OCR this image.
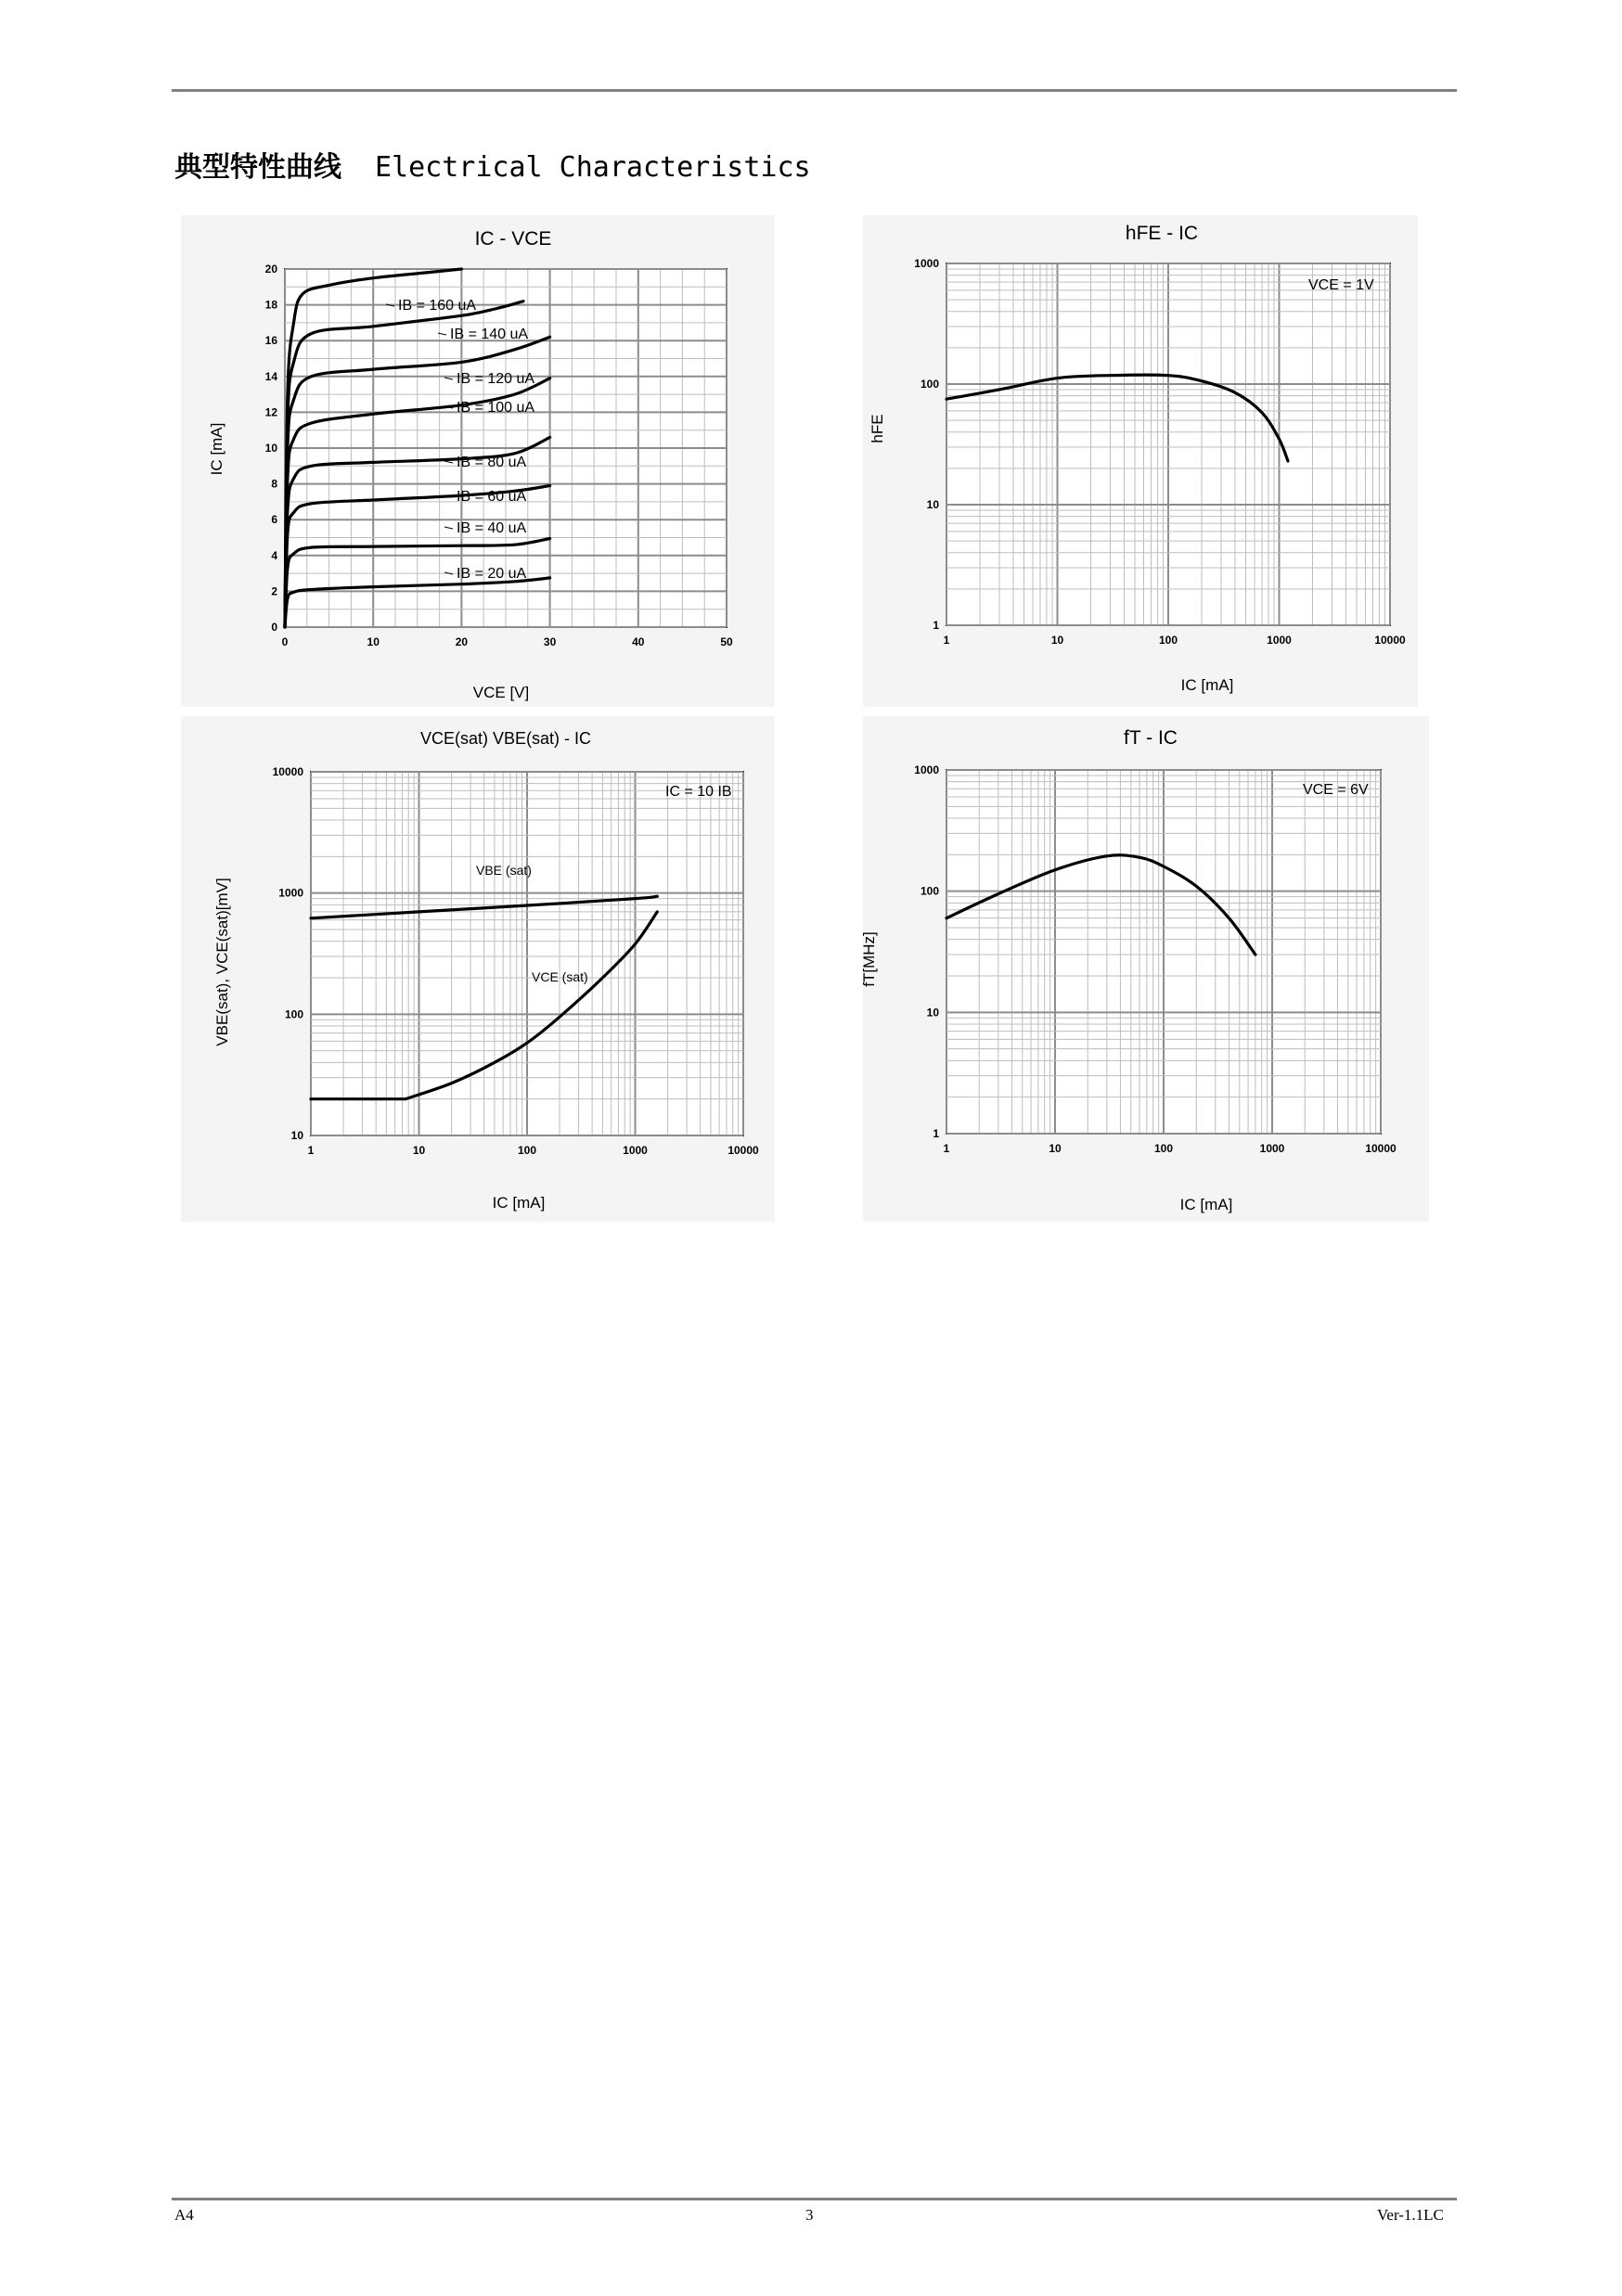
典型特性曲线 Electrical Characteristics
0	10	20	30	40	50
0
2
4
6
8
10
12
14
16
18
20
IB = 20 uA
IB = 40 uA
IB = 60 uA
IB = 80 uA
IB = 100 uA
IB = 120 uA
IB = 140 uA
IB = 160 uA
IC - VCE
VCE [V]
IC [mA]
1	10	100	1000	10000
1
10
100
1000
hFE - IC
IC [mA]
hFE
VCE = 1V
1	10	100	1000	10000
10
100
1000
10000
VBE (sat)
VCE (sat)
VCE(sat) VBE(sat) - IC
IC [mA]
VBE(sat), VCE(sat)[mV]
IC = 10 IB
1	10	100	1000	10000
1
10
100
1000
fT - IC
IC [mA]
fT[MHz]
VCE = 6V
A4	3	Ver-1.1LC
